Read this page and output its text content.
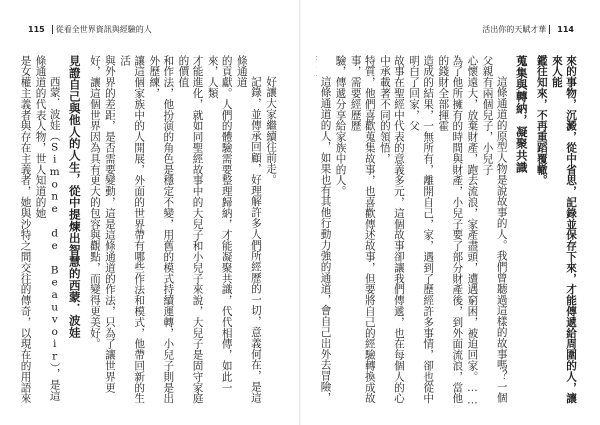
115 從看全世界資訊與經驗的人
好讓大家繼續往前走。
記錄，並傳承回顧，好理解許多人們所經歷的一切，意義何在，是這條通道
的貢獻。人們的體驗需要整理歸納，才能凝聚共識，代代相傳，如此一來，人類
才能進化，就如同聖經故事中的大兒子和小兒子來說，大兒子是固守家庭的價值
和作法，他扮演的角色是穩定不變，用舊的模式持續運轉，小兒子則是出外歷練，
讓這個家族中的人開展，外面的世界帶有哪些作法和模式，他帶回新的生活
與外界的差距，是否需要變動，這是這條通道的作法，只為了讓世界更
好，讓這個世界因為具有更大的包容與觀點，而變得更美好。
見證自己與他人的人生，從中提煉出智慧的西蒙．波娃
西蒙．波娃（Simone de Beauvoir），是這條通道的代表人物，世人知道的她
是女權主義者與存在主義者，她與沙特之間交往的傳奇，以現在的用語來
活出你的天賦才華 114
來的事物，沉澱，從中省思，記錄並保存下來，才能傳遞給周圍的人，讓來人能
鑑往知來，不再重蹈覆轍。
蒐集與轉納，凝聚共識
這條通道的原型人物是說故事的人。我們曾聽過這樣的故事嗎？一個父親有兩個兒子，小兒子
心懷遠大，放棄財產，跑去流浪，家產盡頭，遭遇窮困，被迫回家。……
為了他所擁有的時間與財產，小兒子要了部分財產後，到外面流浪，當他的錢財全部揮霍
造成的結果，一無所有，離開自己，家，遇到了歷經許多事情，卻也從中明白了回家，父
故事在聖經中代表的意義多元，這個故事卻讓我們傳遞，也在每個人的心中承載著不同的領悟，
特質，他們喜歡蒐集故事，也喜歡傳述故事，但要將自己的經驗轉換成故事，需要經歷歷
驗，傳遞分享給家族中的人。
這條通道的人，如果也有其他行動力強的通道，會自己出外去冒險，
